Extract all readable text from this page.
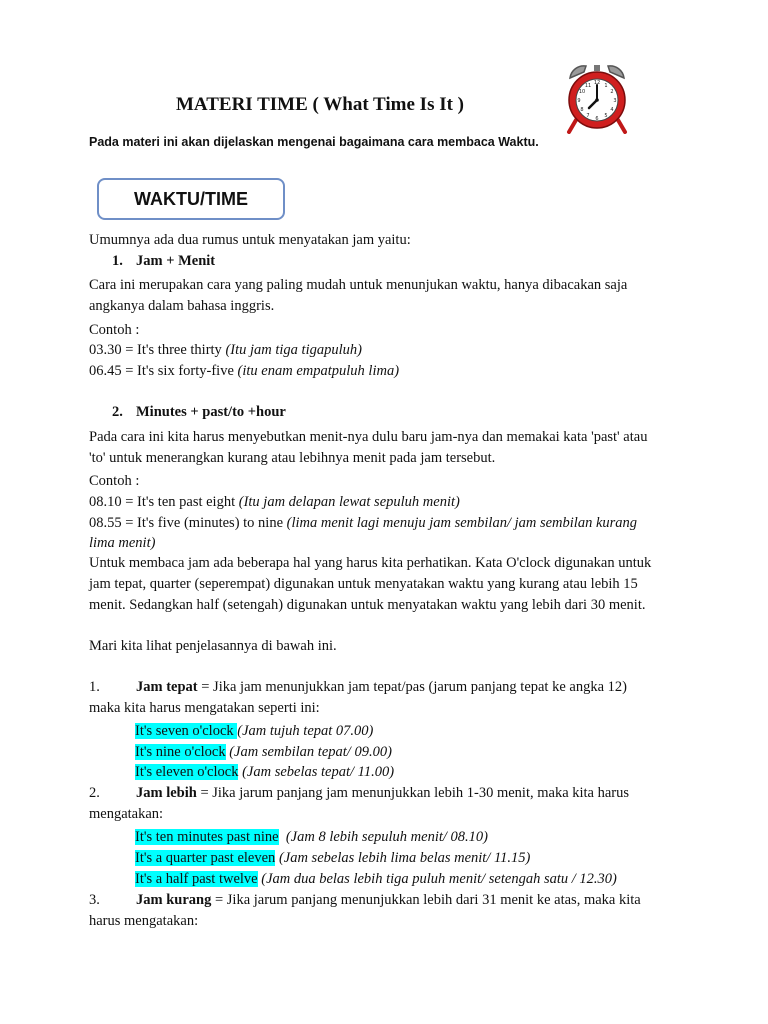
MATERI TIME ( What Time Is It )
12 1
2
3
4
5
6
7
8
9
10
11
Pada materi ini akan dijelaskan mengenai bagaimana cara membaca Waktu.
WAKTU/TIME
Umumnya ada dua rumus untuk menyatakan jam yaitu:
1. Jam + Menit
Cara ini merupakan cara yang paling mudah untuk menunjukan waktu, hanya dibacakan saja
angkanya dalam bahasa inggris.
Contoh :
03.30 = It's three thirty (Itu jam tiga tigapuluh)
06.45 = It's six forty-five (itu enam empatpuluh lima)
2. Minutes + past/to +hour
Pada cara ini kita harus menyebutkan menit-nya dulu baru jam-nya dan memakai kata 'past' atau
'to' untuk menerangkan kurang atau lebihnya menit pada jam tersebut.
Contoh :
08.10 = It's ten past eight (Itu jam delapan lewat sepuluh menit)
08.55 = It's five (minutes) to nine (lima menit lagi menuju jam sembilan/ jam sembilan kurang
lima menit)
Untuk membaca jam ada beberapa hal yang harus kita perhatikan. Kata O'clock digunakan untuk
jam tepat, quarter (seperempat) digunakan untuk menyatakan waktu yang kurang atau lebih 15
menit. Sedangkan half (setengah) digunakan untuk menyatakan waktu yang lebih dari 30 menit.
Mari kita lihat penjelasannya di bawah ini.
1. Jam tepat = Jika jam menunjukkan jam tepat/pas (jarum panjang tepat ke angka 12)
maka kita harus mengatakan seperti ini:
It's seven o'clock (Jam tujuh tepat 07.00)
It's nine o'clock (Jam sembilan tepat/ 09.00)
It's eleven o'clock (Jam sebelas tepat/ 11.00)
2. Jam lebih = Jika jarum panjang jam menunjukkan lebih 1-30 menit, maka kita harus
mengatakan:
It's ten minutes past nine  (Jam 8 lebih sepuluh menit/ 08.10)
It's a quarter past eleven (Jam sebelas lebih lima belas menit/ 11.15)
It's a half past twelve (Jam dua belas lebih tiga puluh menit/ setengah satu / 12.30)
3. Jam kurang = Jika jarum panjang menunjukkan lebih dari 31 menit ke atas, maka kita
harus mengatakan:
